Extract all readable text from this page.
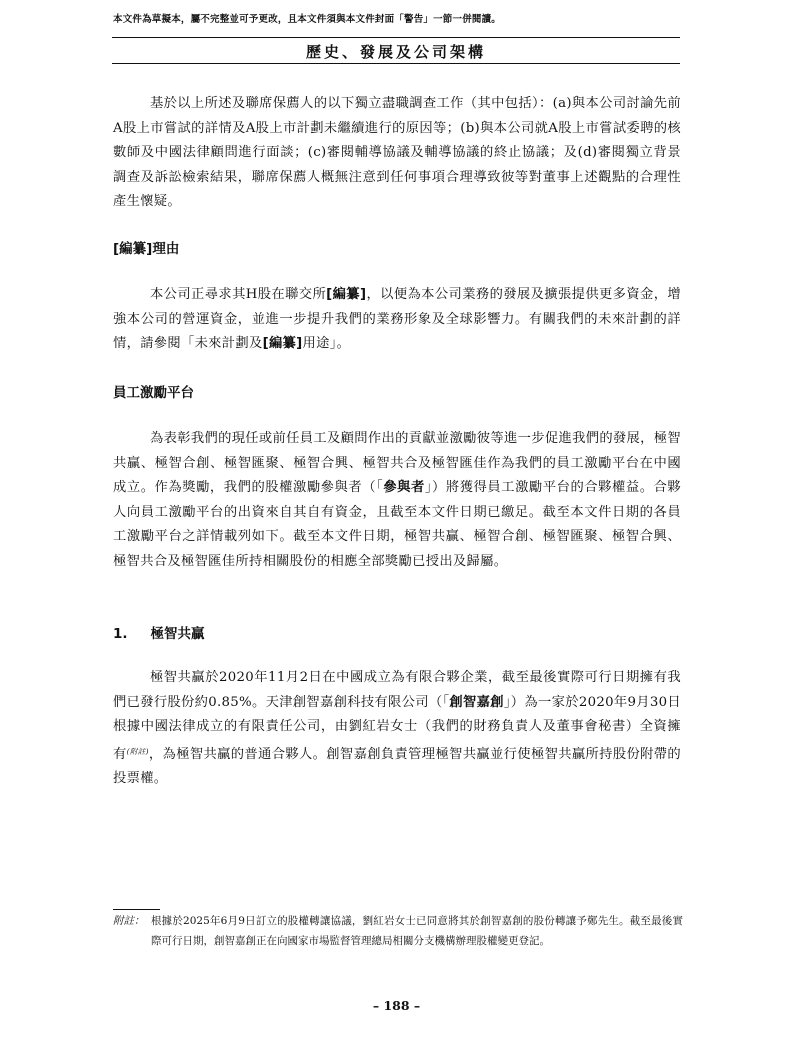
本文件為草擬本，屬不完整並可予更改，且本文件須與本文件封面「警告」一節一併閱讀。
歷史、發展及公司架構

基於以上所述及聯席保薦人的以下獨立盡職調查工作（其中包括）：(a)與本公司討論先前A股上市嘗試的詳情及A股上市計劃未繼續進行的原因等；(b)與本公司就A股上市嘗試委聘的核數師及中國法律顧問進行面談；(c)審閱輔導協議及輔導協議的終止協議；及(d)審閱獨立背景調查及訴訟檢索結果，聯席保薦人概無注意到任何事項合理導致彼等對董事上述觀點的合理性產生懷疑。

[編纂]理由

本公司正尋求其H股在聯交所[編纂]，以便為本公司業務的發展及擴張提供更多資金，增強本公司的營運資金，並進一步提升我們的業務形象及全球影響力。有關我們的未來計劃的詳情，請參閱「未來計劃及[編纂]用途」。

員工激勵平台

為表彰我們的現任或前任員工及顧問作出的貢獻並激勵彼等進一步促進我們的發展，極智共贏、極智合創、極智匯聚、極智合興、極智共合及極智匯佳作為我們的員工激勵平台在中國成立。作為獎勵，我們的股權激勵參與者（「參與者」）將獲得員工激勵平台的合夥權益。合夥人向員工激勵平台的出資來自其自有資金，且截至本文件日期已繳足。截至本文件日期的各員工激勵平台之詳情載列如下。截至本文件日期，極智共贏、極智合創、極智匯聚、極智合興、極智共合及極智匯佳所持相關股份的相應全部獎勵已授出及歸屬。

1. 極智共贏

極智共贏於2020年11月2日在中國成立為有限合夥企業，截至最後實際可行日期擁有我們已發行股份約0.85%。天津創智嘉創科技有限公司（「創智嘉創」）為一家於2020年9月30日根據中國法律成立的有限責任公司，由劉紅岩女士（我們的財務負責人及董事會秘書）全資擁有$^{(附註)}$，為極智共贏的普通合夥人。創智嘉創負責管理極智共贏並行使極智共贏所持股份附帶的投票權。

附註： 根據於2025年6月9日訂立的股權轉讓協議，劉紅岩女士已同意將其於創智嘉創的股份轉讓予鄭先生。截至最後實際可行日期，創智嘉創正在向國家市場監督管理總局相關分支機構辦理股權變更登記。
– 188 –
